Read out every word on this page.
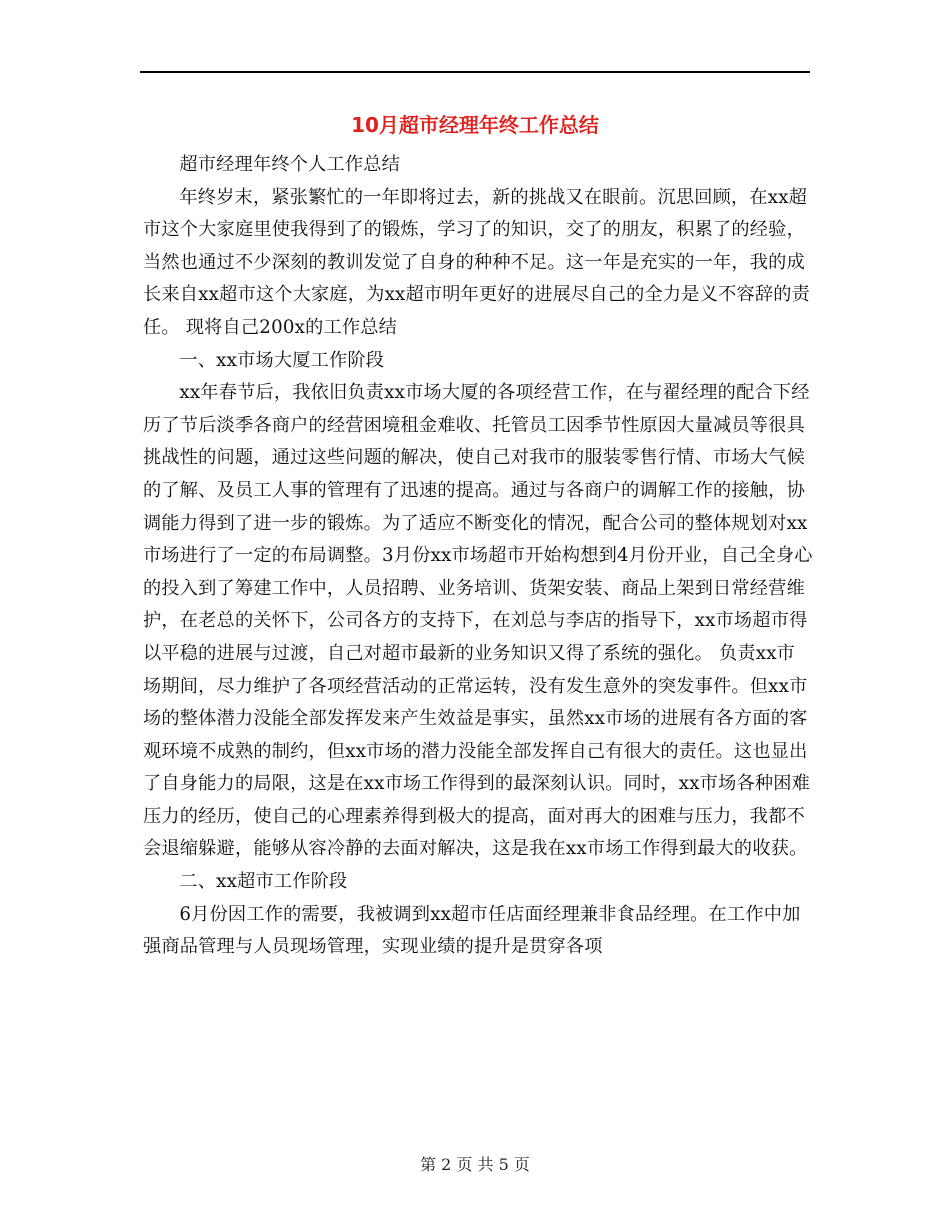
10月超市经理年终工作总结

超市经理年终个人工作总结

年终岁末，紧张繁忙的一年即将过去，新的挑战又在眼前。沉思回顾，在xx超市这个大家庭里使我得到了的锻炼，学习了的知识，交了的朋友，积累了的经验，当然也通过不少深刻的教训发觉了自身的种种不足。这一年是充实的一年，我的成长来自xx超市这个大家庭，为xx超市明年更好的进展尽自己的全力是义不容辞的责任。 现将自己200x的工作总结

一、xx市场大厦工作阶段

xx年春节后，我依旧负责xx市场大厦的各项经营工作，在与翟经理的配合下经历了节后淡季各商户的经营困境租金难收、托管员工因季节性原因大量减员等很具挑战性的问题，通过这些问题的解决，使自己对我市的服装零售行情、市场大气候的了解、及员工人事的管理有了迅速的提高。通过与各商户的调解工作的接触，协调能力得到了进一步的锻炼。为了适应不断变化的情况，配合公司的整体规划对xx市场进行了一定的布局调整。3月份xx市场超市开始构想到4月份开业，自己全身心的投入到了筹建工作中，人员招聘、业务培训、货架安装、商品上架到日常经营维护，在老总的关怀下，公司各方的支持下，在刘总与李店的指导下，xx市场超市得以平稳的进展与过渡，自己对超市最新的业务知识又得了系统的强化。 负责xx市场期间，尽力维护了各项经营活动的正常运转，没有发生意外的突发事件。但xx市场的整体潜力没能全部发挥发来产生效益是事实，虽然xx市场的进展有各方面的客观环境不成熟的制约，但xx市场的潜力没能全部发挥自己有很大的责任。这也显出了自身能力的局限，这是在xx市场工作得到的最深刻认识。同时，xx市场各种困难压力的经历，使自己的心理素养得到极大的提高，面对再大的困难与压力，我都不会退缩躲避，能够从容冷静的去面对解决，这是我在xx市场工作得到最大的收获。

二、xx超市工作阶段

6月份因工作的需要，我被调到xx超市任店面经理兼非食品经理。在工作中加强商品管理与人员现场管理，实现业绩的提升是贯穿各项

第 2 页 共 5 页
